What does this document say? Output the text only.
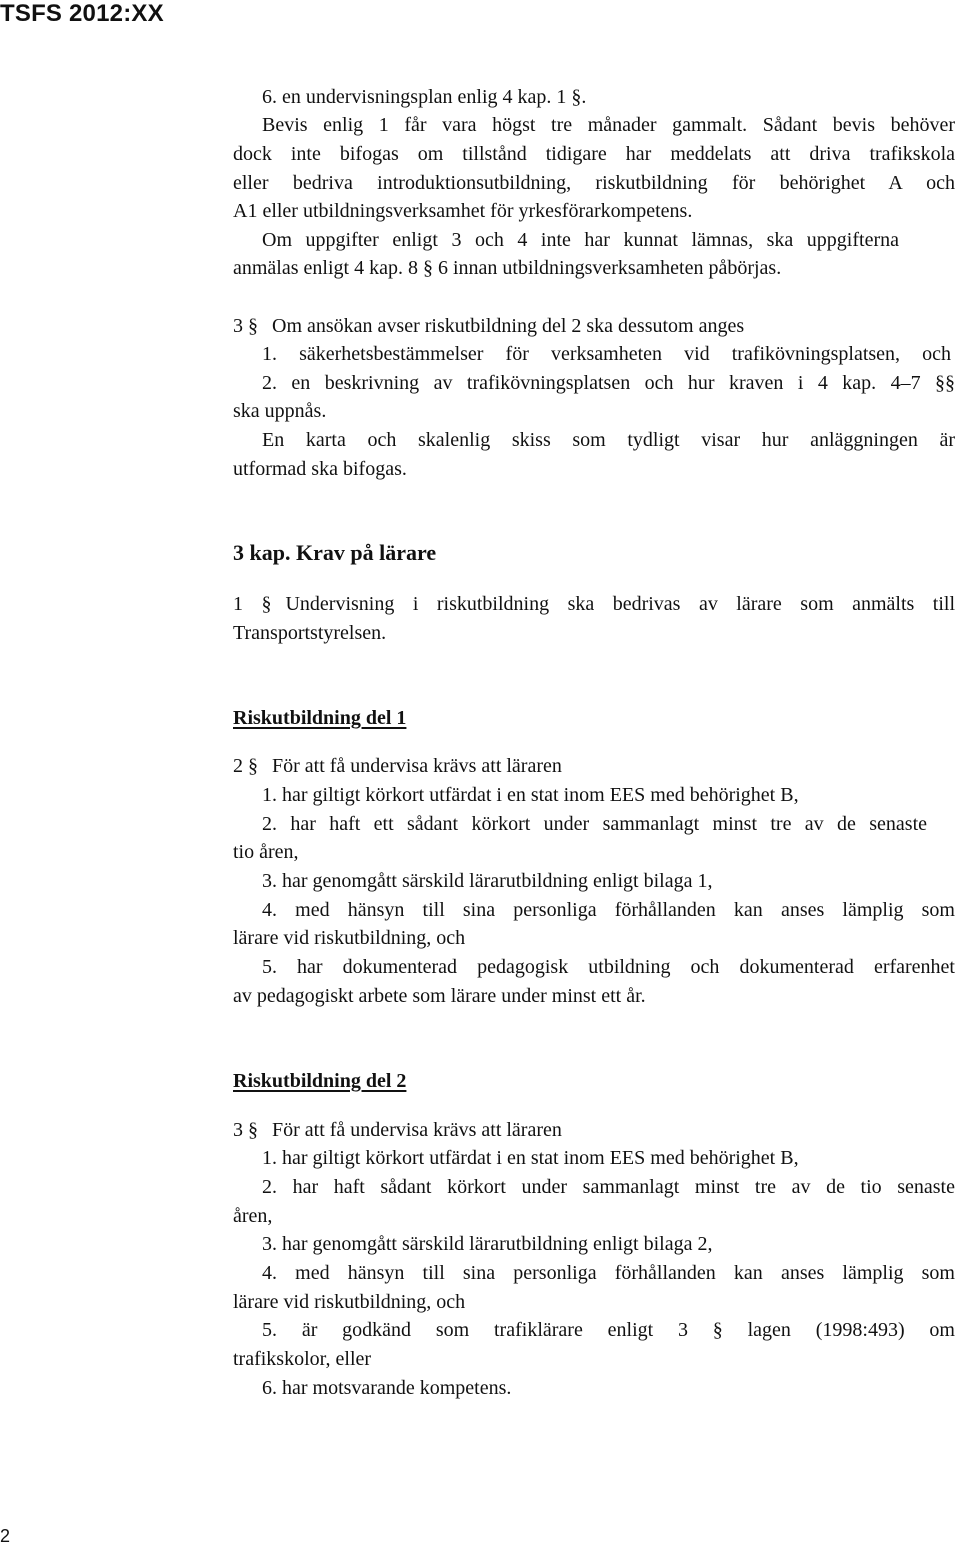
TSFS 2012:XX
6. en undervisningsplan enlig 4 kap. 1 §.
Bevis enlig 1 får vara högst tre månader gammalt. Sådant bevis behöver
dock inte bifogas om tillstånd tidigare har meddelats att driva trafikskola
eller bedriva introduktionsutbildning, riskutbildning för behörighet A och
A1 eller utbildningsverksamhet för yrkesförarkompetens.
Om uppgifter enligt 3 och 4 inte har kunnat lämnas, ska uppgifterna
anmälas enligt 4 kap. 8 § 6 innan utbildningsverksamheten påbörjas.
3 § Om ansökan avser riskutbildning del 2 ska dessutom anges
1. säkerhetsbestämmelser för verksamheten vid trafikövningsplatsen, och
2. en beskrivning av trafikövningsplatsen och hur kraven i 4 kap. 4–7 §§
ska uppnås.
En karta och skalenlig skiss som tydligt visar hur anläggningen är
utformad ska bifogas.
3 kap. Krav på lärare
1 § Undervisning i riskutbildning ska bedrivas av lärare som anmälts till
Transportstyrelsen.
Riskutbildning del 1
2 § För att få undervisa krävs att läraren
1. har giltigt körkort utfärdat i en stat inom EES med behörighet B,
2. har haft ett sådant körkort under sammanlagt minst tre av de senaste
tio åren,
3. har genomgått särskild lärarutbildning enligt bilaga 1,
4. med hänsyn till sina personliga förhållanden kan anses lämplig som
lärare vid riskutbildning, och
5. har dokumenterad pedagogisk utbildning och dokumenterad erfarenhet
av pedagogiskt arbete som lärare under minst ett år.
Riskutbildning del 2
3 § För att få undervisa krävs att läraren
1. har giltigt körkort utfärdat i en stat inom EES med behörighet B,
2. har haft sådant körkort under sammanlagt minst tre av de tio senaste
åren,
3. har genomgått särskild lärarutbildning enligt bilaga 2,
4. med hänsyn till sina personliga förhållanden kan anses lämplig som
lärare vid riskutbildning, och
5. är godkänd som trafiklärare enligt 3 § lagen (1998:493) om
trafikskolor, eller
6. har motsvarande kompetens.
2
